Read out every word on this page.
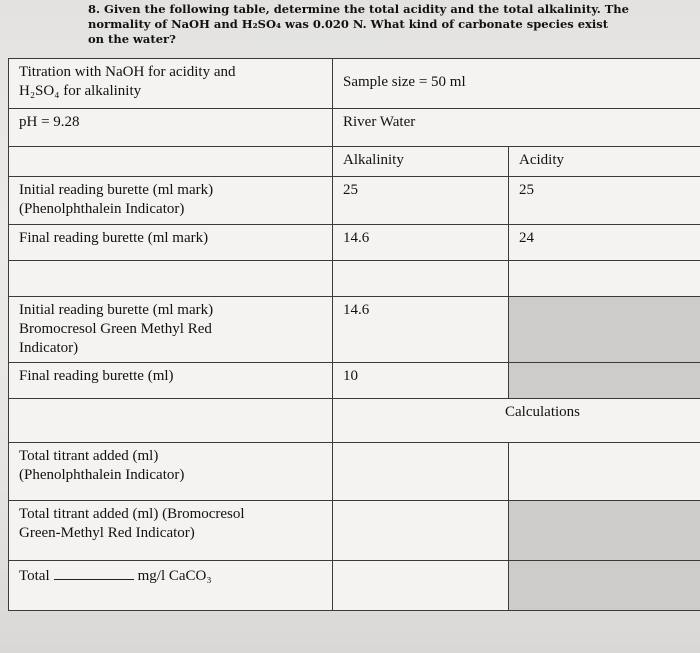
8. Given the following table, determine the total acidity and the total alkalinity. The

normality of NaOH and H₂SO₄ was 0.020 N. What kind of carbonate species exist

on the water?

Titration with NaOH for acidity and
H₂SO₄ for alkalinity	Sample size = 50 ml	

pH = 9.28	River Water	

	Alkalinity	Acidity

Initial reading burette (ml mark)
(Phenolphthalein Indicator)	25	25

Final reading burette (ml mark)	14.6	24

Initial reading burette (ml mark)
Bromocresol Green Methyl Red
Indicator)	14.6	

Final reading burette (ml)	10	

	Calculations	

Total titrant added (ml)
(Phenolphthalein Indicator)		

Total titrant added (ml) (Bromocresol
Green-Methyl Red Indicator)		

Total mg/l CaCO₃		
